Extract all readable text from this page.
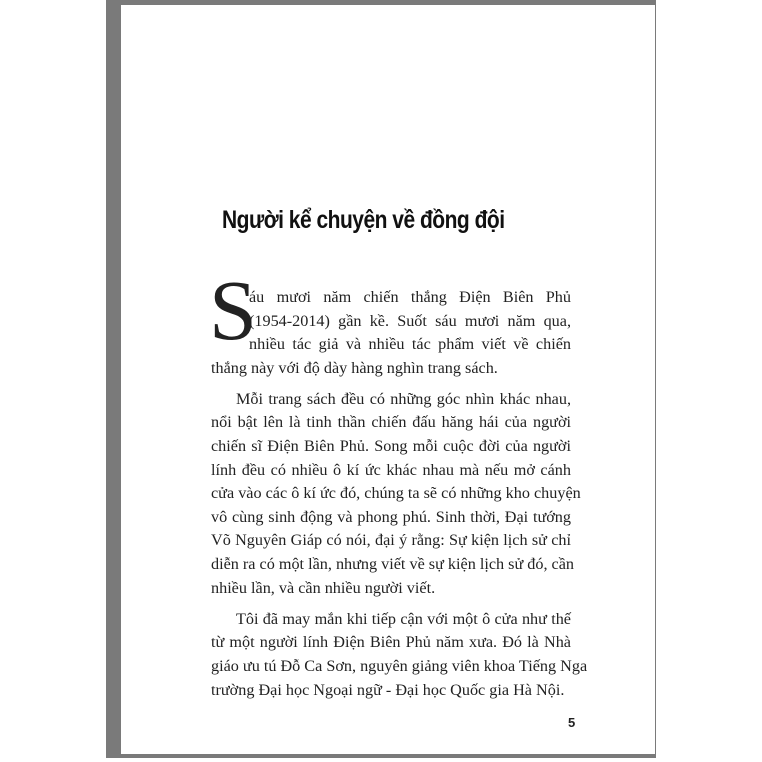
Người kể chuyện về đồng đội
S
áu mươi năm chiến thắng Điện Biên Phủ
(1954-2014) gần kề. Suốt sáu mươi năm qua,
nhiều tác giả và nhiều tác phẩm viết về chiến
thắng này với độ dày hàng nghìn trang sách.
Mỗi trang sách đều có những góc nhìn khác nhau,
nổi bật lên là tinh thần chiến đấu hăng hái của người
chiến sĩ Điện Biên Phủ. Song mỗi cuộc đời của người
lính đều có nhiều ô kí ức khác nhau mà nếu mở cánh
cửa vào các ô kí ức đó, chúng ta sẽ có những kho chuyện
vô cùng sinh động và phong phú. Sinh thời, Đại tướng
Võ Nguyên Giáp có nói, đại ý rằng: Sự kiện lịch sử chỉ
diễn ra có một lần, nhưng viết về sự kiện lịch sử đó, cần
nhiều lần, và cần nhiều người viết.
Tôi đã may mắn khi tiếp cận với một ô cửa như thế
từ một người lính Điện Biên Phủ năm xưa. Đó là Nhà
giáo ưu tú Đỗ Ca Sơn, nguyên giảng viên khoa Tiếng Nga
trường Đại học Ngoại ngữ - Đại học Quốc gia Hà Nội.
5
